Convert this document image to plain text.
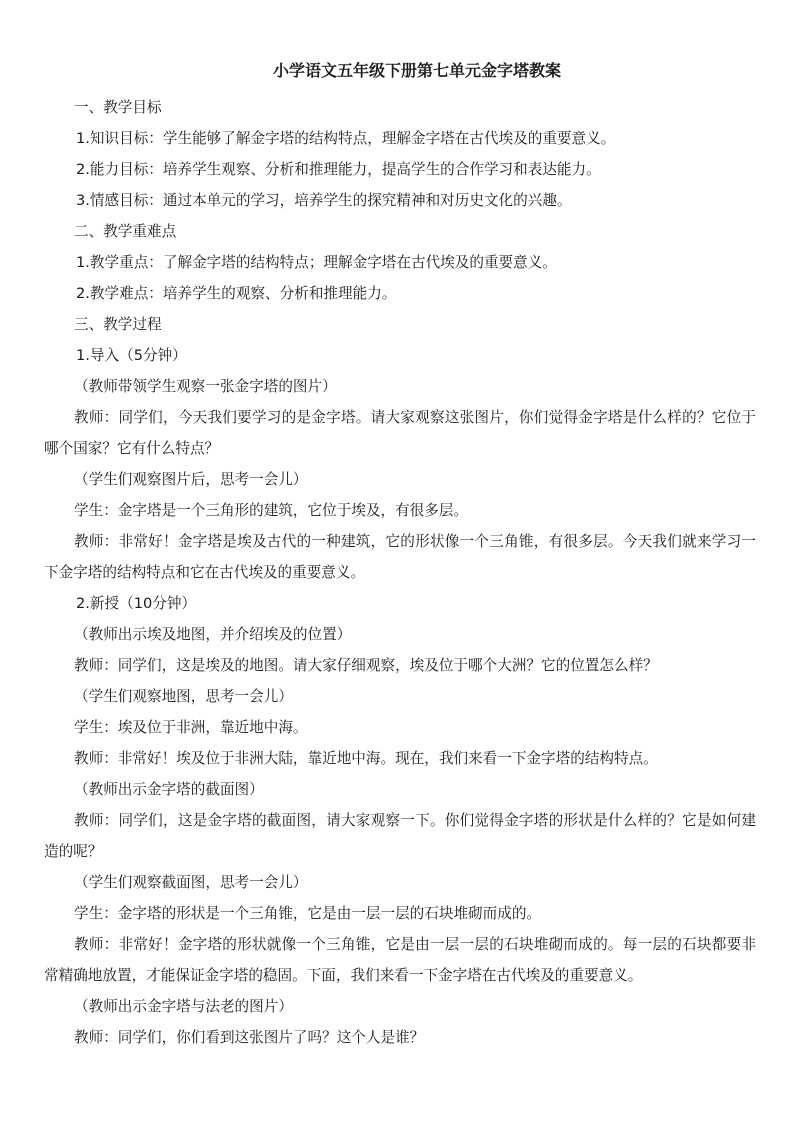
小学语文五年级下册第七单元金字塔教案

一、教学目标

1.知识目标：学生能够了解金字塔的结构特点，理解金字塔在古代埃及的重要意义。

2.能力目标：培养学生观察、分析和推理能力，提高学生的合作学习和表达能力。

3.情感目标：通过本单元的学习，培养学生的探究精神和对历史文化的兴趣。

二、教学重难点

1.教学重点：了解金字塔的结构特点；理解金字塔在古代埃及的重要意义。

2.教学难点：培养学生的观察、分析和推理能力。

三、教学过程

1.导入（5分钟）

（教师带领学生观察一张金字塔的图片）

教师：同学们，今天我们要学习的是金字塔。请大家观察这张图片，你们觉得金字塔是什么样的？它位于哪个国家？它有什么特点？

（学生们观察图片后，思考一会儿）

学生：金字塔是一个三角形的建筑，它位于埃及，有很多层。

教师：非常好！金字塔是埃及古代的一种建筑，它的形状像一个三角锥，有很多层。今天我们就来学习一下金字塔的结构特点和它在古代埃及的重要意义。

2.新授（10分钟）

（教师出示埃及地图，并介绍埃及的位置）

教师：同学们，这是埃及的地图。请大家仔细观察，埃及位于哪个大洲？它的位置怎么样？

（学生们观察地图，思考一会儿）

学生：埃及位于非洲，靠近地中海。

教师：非常好！埃及位于非洲大陆，靠近地中海。现在，我们来看一下金字塔的结构特点。

（教师出示金字塔的截面图）

教师：同学们，这是金字塔的截面图，请大家观察一下。你们觉得金字塔的形状是什么样的？它是如何建造的呢？

（学生们观察截面图，思考一会儿）

学生：金字塔的形状是一个三角锥，它是由一层一层的石块堆砌而成的。

教师：非常好！金字塔的形状就像一个三角锥，它是由一层一层的石块堆砌而成的。每一层的石块都要非常精确地放置，才能保证金字塔的稳固。下面，我们来看一下金字塔在古代埃及的重要意义。

（教师出示金字塔与法老的图片）

教师：同学们，你们看到这张图片了吗？这个人是谁？
